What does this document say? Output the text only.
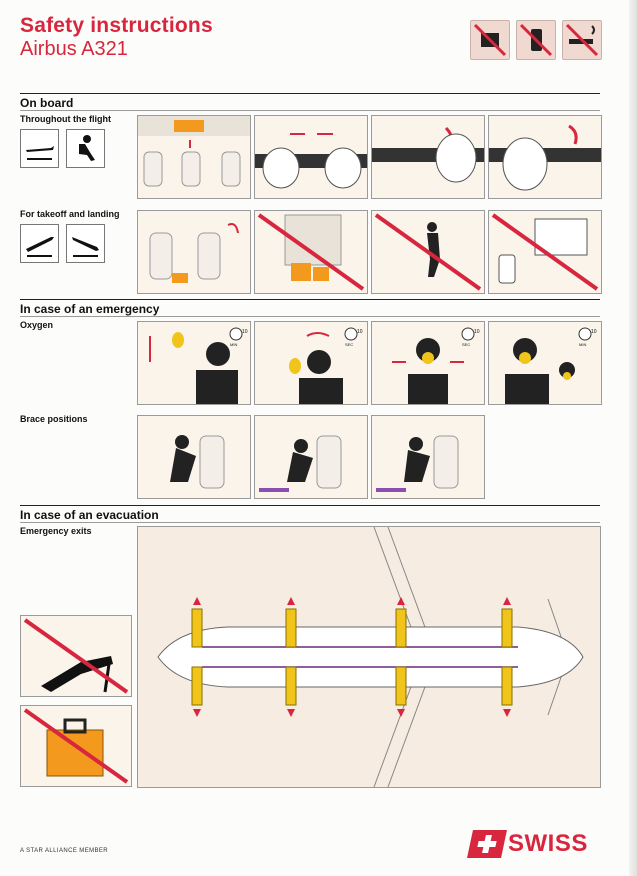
Safety instructions
Airbus A321
On board
Throughout the flight
For takeoff and landing
In case of an emergency
Oxygen
10
MIN
10
SEC
10
SEC
10
MIN
Brace positions
In case of an evacuation
Emergency exits
A STAR ALLIANCE MEMBER	SWISS
